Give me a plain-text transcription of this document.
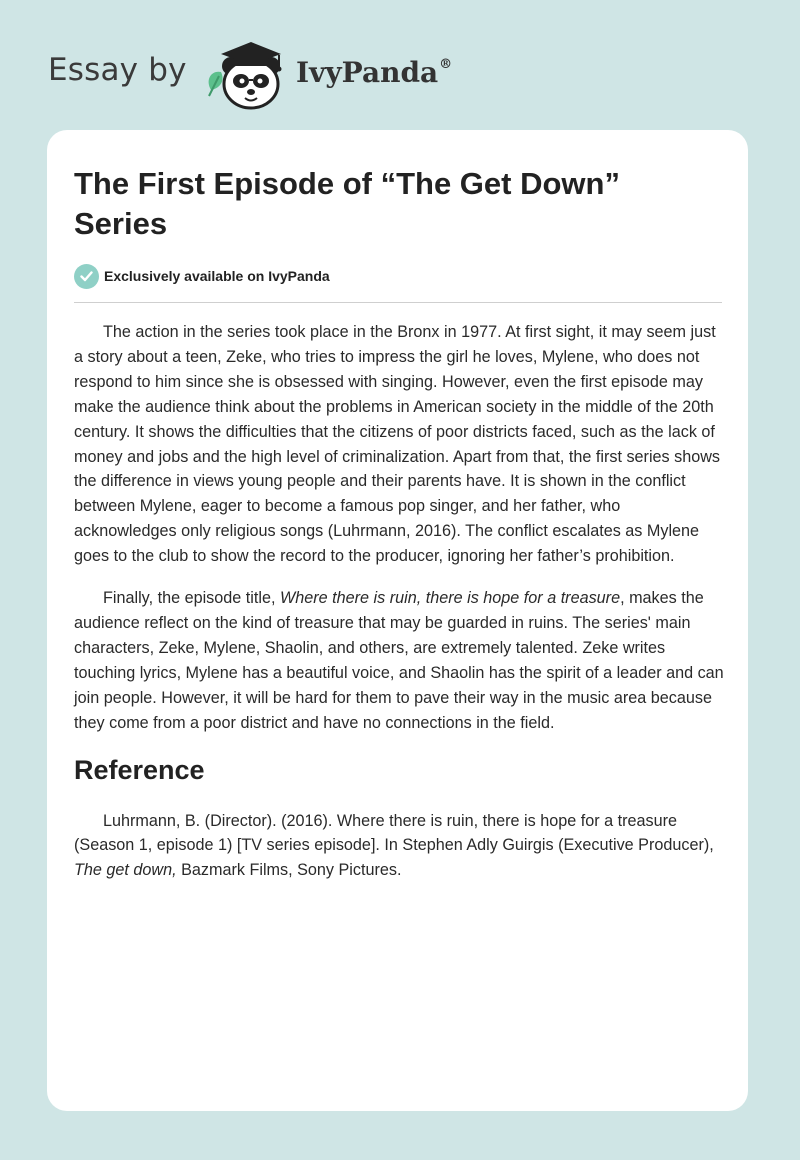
Essay by	IvyPanda®
The First Episode of “The Get Down” Series
Exclusively available on IvyPanda

The action in the series took place in the Bronx in 1977. At first sight, it may seem just a story about a teen, Zeke, who tries to impress the girl he loves, Mylene, who does not respond to him since she is obsessed with singing. However, even the first episode may make the audience think about the problems in American society in the middle of the 20th century. It shows the difficulties that the citizens of poor districts faced, such as the lack of money and jobs and the high level of criminalization. Apart from that, the first series shows the difference in views young people and their parents have. It is shown in the conflict between Mylene, eager to become a famous pop singer, and her father, who acknowledges only religious songs (Luhrmann, 2016). The conflict escalates as Mylene goes to the club to show the record to the producer, ignoring her father’s prohibition.

Finally, the episode title, Where there is ruin, there is hope for a treasure, makes the audience reflect on the kind of treasure that may be guarded in ruins. The series' main characters, Zeke, Mylene, Shaolin, and others, are extremely talented. Zeke writes touching lyrics, Mylene has a beautiful voice, and Shaolin has the spirit of a leader and can join people. However, it will be hard for them to pave their way in the music area because they come from a poor district and have no connections in the field.

Reference

Luhrmann, B. (Director). (2016). Where there is ruin, there is hope for a treasure (Season 1, episode 1) [TV series episode]. In Stephen Adly Guirgis (Executive Producer), The get down, Bazmark Films, Sony Pictures.
